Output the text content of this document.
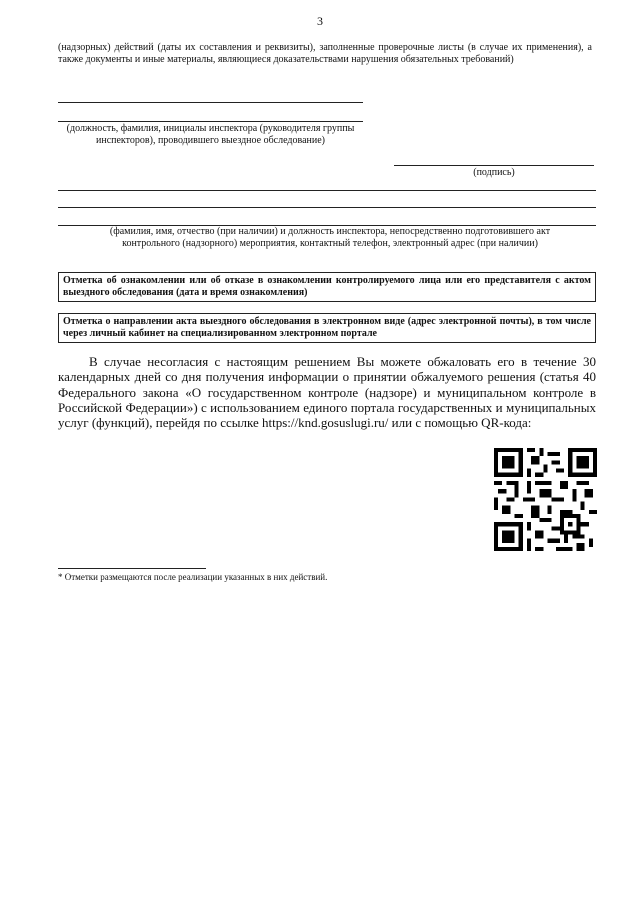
3
(надзорных) действий (даты их составления и реквизиты), заполненные проверочные листы (в случае их применения), а также документы и иные материалы, являющиеся доказательствами нарушения обязательных требований)
(должность, фамилия, инициалы инспектора (руководителя группы инспекторов), проводившего выездное обследование)
(подпись)
(фамилия, имя, отчество (при наличии) и должность инспектора, непосредственно подготовившего акт контрольного (надзорного) мероприятия, контактный телефон, электронный адрес (при наличии)
Отметка об ознакомлении или об отказе в ознакомлении контролируемого лица или его представителя с актом выездного обследования (дата и время ознакомления)
Отметка о направлении акта выездного обследования в электронном виде (адрес электронной почты), в том числе через личный кабинет на специализированном электронном портале
В случае несогласия с настоящим решением Вы можете обжаловать его в течение 30 календарных дней со дня получения информации о принятии обжалуемого решения (статья 40 Федерального закона «О государственном контроле (надзоре) и муниципальном контроле в Российской Федерации») с использованием единого портала государственных и муниципальных услуг (функций), перейдя по ссылке https://knd.gosuslugi.ru/ или с помощью QR-кода:
* Отметки размещаются после реализации указанных в них действий.
